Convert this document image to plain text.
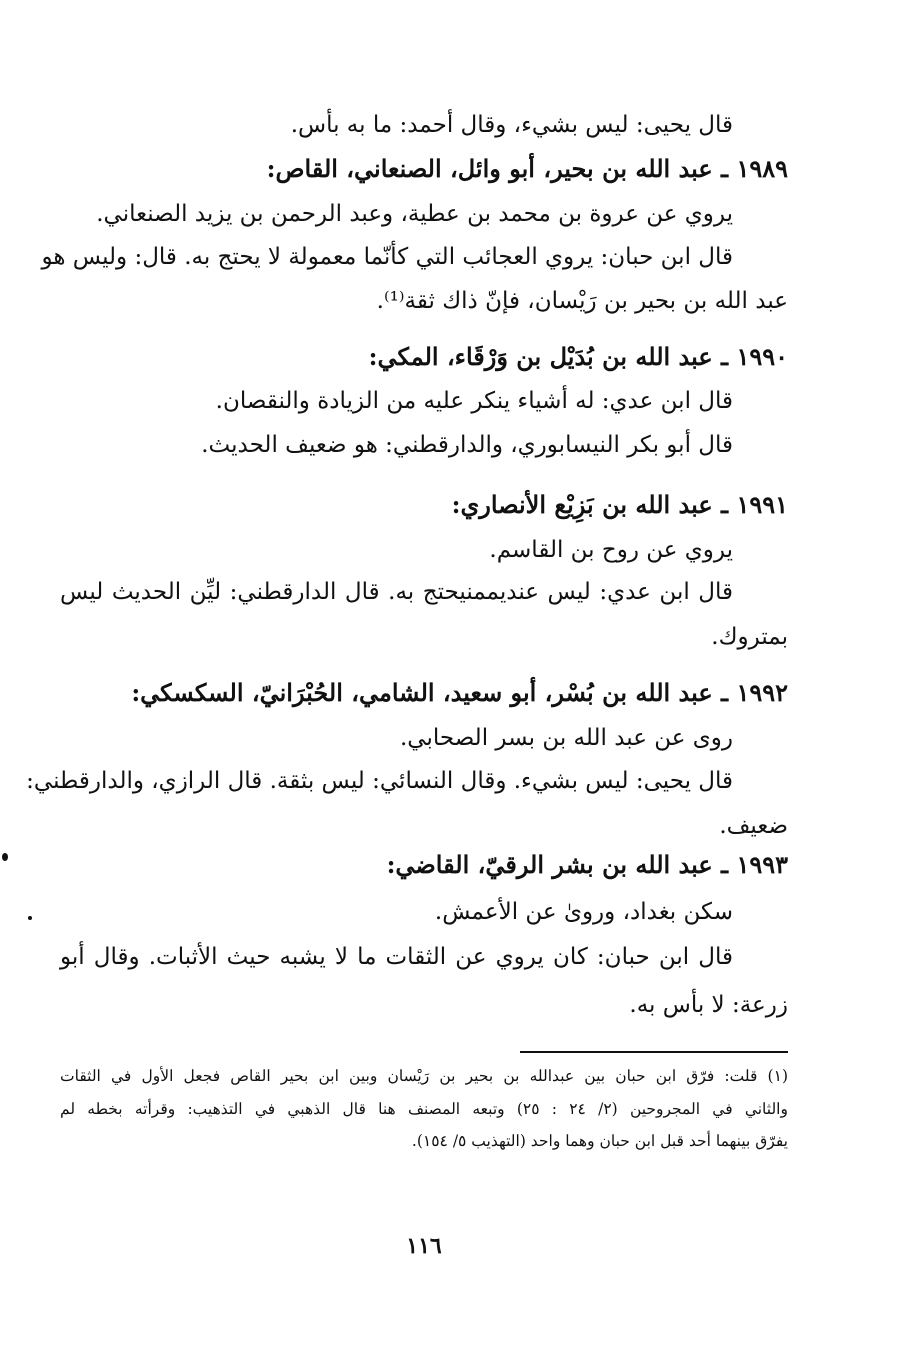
قال يحيى: ليس بشيء، وقال أحمد: ما به بأس.
١٩٨٩ ـ عبد الله بن بحير، أبو وائل، الصنعاني، القاص:
يروي عن عروة بن محمد بن عطية، وعبد الرحمن بن يزيد الصنعاني.
قال ابن حبان: يروي العجائب التي كأنّما معمولة لا يحتج به. قال: وليس هو
عبد الله بن بحير بن رَيْسان، فإنّ ذاك ثقة⁽¹⁾.
١٩٩٠ ـ عبد الله بن بُدَيْل بن وَرْقَاء، المكي:
قال ابن عدي: له أشياء ينكر عليه من الزيادة والنقصان.
قال أبو بكر النيسابوري، والدارقطني: هو ضعيف الحديث.
١٩٩١ ـ عبد الله بن بَزِيْع الأنصاري:
يروي عن روح بن القاسم.
قال ابن عدي: ليس عنديممنيحتج به. قال الدارقطني: ليِّن الحديث ليس
بمتروك.
١٩٩٢ ـ عبد الله بن بُسْر، أبو سعيد، الشامي، الحُبْرَانيّ، السكسكي:
روى عن عبد الله بن بسر الصحابي.
قال يحيى: ليس بشيء. وقال النسائي: ليس بثقة. قال الرازي، والدارقطني:
ضعيف.
١٩٩٣ ـ عبد الله بن بشر الرقيّ، القاضي:
سكن بغداد، وروىٰ عن الأعمش.
قال ابن حبان: كان يروي عن الثقات ما لا يشبه حيث الأثبات. وقال أبو
زرعة: لا بأس به.
(١) قلت: فرّق ابن حبان بين عبدالله بن بحير بن رَيْسان وبين ابن بحير القاص فجعل الأول في الثقات
والثاني في المجروحين (٢/ ٢٤ : ٢٥) وتبعه المصنف هنا قال الذهبي في التذهيب: وقرأته بخطه لم
يفرّق بينهما أحد قبل ابن حبان وهما واحد (التهذيب ٥/ ١٥٤).
١١٦
